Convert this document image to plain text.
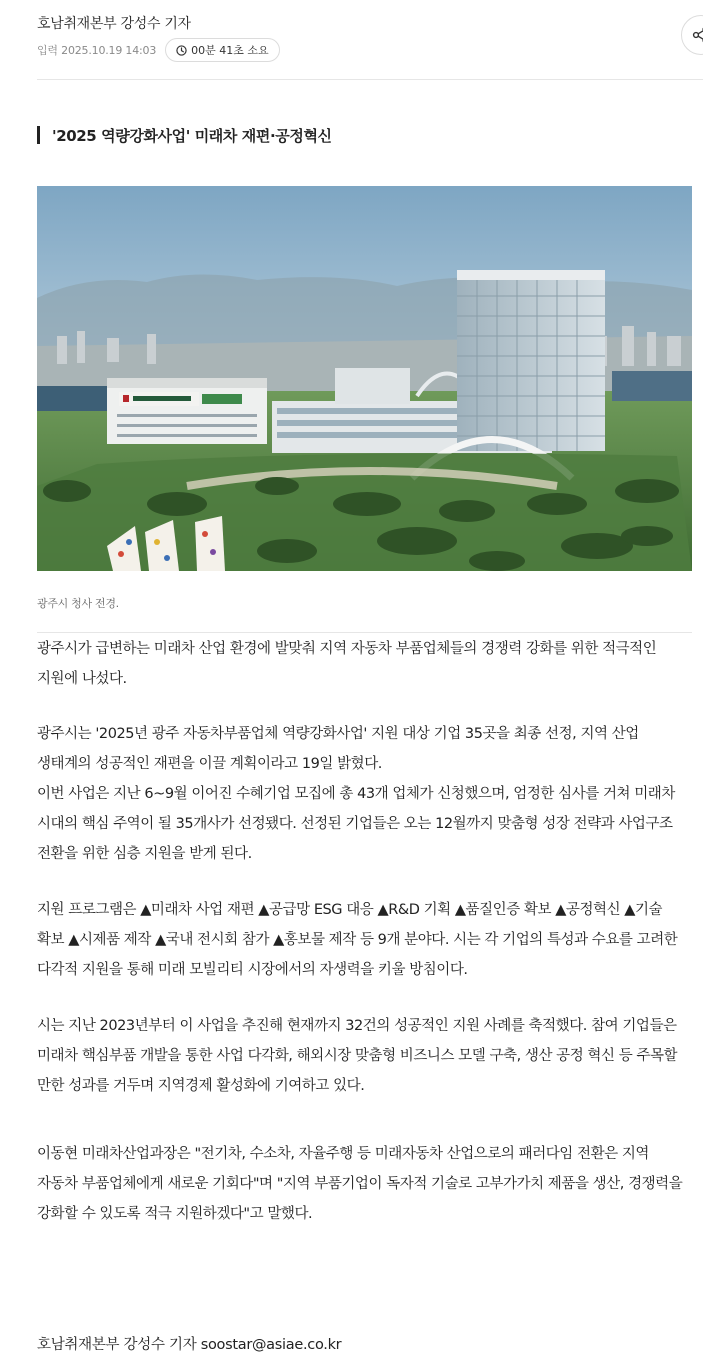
호남취재본부 강성수 기자
입력 2025.10.19 14:03	00분 41초 소요
'2025 역량강화사업' 미래차 재편·공정혁신
광주시 청사 전경.

광주시가 급변하는 미래차 산업 환경에 발맞춰 지역 자동차 부품업체들의 경쟁력 강화를 위한 적극적인 지원에 나섰다.

광주시는 '2025년 광주 자동차부품업체 역량강화사업' 지원 대상 기업 35곳을 최종 선정, 지역 산업 생태계의 성공적인 재편을 이끌 계획이라고 19일 밝혔다.

이번 사업은 지난 6~9월 이어진 수혜기업 모집에 총 43개 업체가 신청했으며, 엄정한 심사를 거쳐 미래차 시대의 핵심 주역이 될 35개사가 선정됐다. 선정된 기업들은 오는 12월까지 맞춤형 성장 전략과 사업구조 전환을 위한 심층 지원을 받게 된다.

지원 프로그램은 ▲미래차 사업 재편 ▲공급망 ESG 대응 ▲R&D 기획 ▲품질인증 확보 ▲공정혁신 ▲기술 확보 ▲시제품 제작 ▲국내 전시회 참가 ▲홍보물 제작 등 9개 분야다. 시는 각 기업의 특성과 수요를 고려한 다각적 지원을 통해 미래 모빌리티 시장에서의 자생력을 키울 방침이다.

시는 지난 2023년부터 이 사업을 추진해 현재까지 32건의 성공적인 지원 사례를 축적했다. 참여 기업들은 미래차 핵심부품 개발을 통한 사업 다각화, 해외시장 맞춤형 비즈니스 모델 구축, 생산 공정 혁신 등 주목할 만한 성과를 거두며 지역경제 활성화에 기여하고 있다.

이동현 미래차산업과장은 "전기차, 수소차, 자율주행 등 미래자동차 산업으로의 패러다임 전환은 지역 자동차 부품업체에게 새로운 기회다"며 "지역 부품기업이 독자적 기술로 고부가가치 제품을 생산, 경쟁력을 강화할 수 있도록 적극 지원하겠다"고 말했다.

호남취재본부 강성수 기자 soostar@asiae.co.kr
